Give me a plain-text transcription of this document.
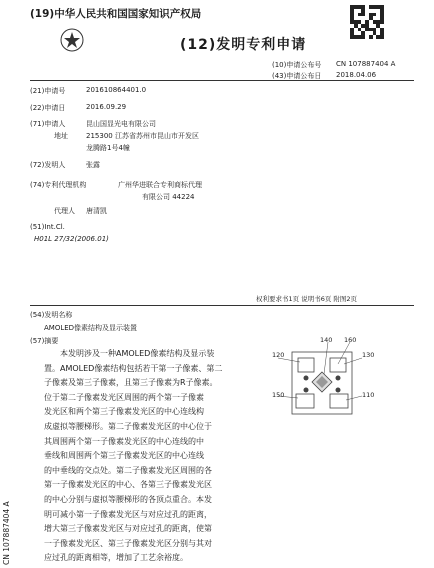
(19)中华人民共和国国家知识产权局
(12)发明专利申请
(10)申请公布号 CN 107887404 A
(43)申请公布日 2018.04.06
(21)申请号	201610864401.0
(22)申请日	2016.09.29
(71)申请人	昆山国显光电有限公司
地址	215300 江苏省苏州市昆山市开发区
龙腾路1号4幢
(72)发明人	张露
(74)专利代理机构	广州华进联合专利商标代理
有限公司 44224
代理人 唐清凯
(51)Int.Cl.
H01L 27/32(2006.01)
权利要求书1页 说明书6页 附图2页
(54)发明名称
AMOLED像素结构及显示装置
(57)摘要

本发明涉及一种AMOLED像素结构及显示装

置。AMOLED像素结构包括若干第一子像素、第二

子像素及第三子像素，且第三子像素为R子像素。

位于第二子像素发光区周围的两个第一子像素

发光区和两个第三子像素发光区的中心连线构

成虚拟等腰梯形。第二子像素发光区的中心位于

其周围两个第一子像素发光区的中心连线的中

垂线和周围两个第三子像素发光区的中心连线

的中垂线的交点处。第二子像素发光区周围的各

第一子像素发光区的中心、各第三子像素发光区

的中心分别与虚拟等腰梯形的各顶点重合。本发

明可减小第一子像素发光区与对应过孔的距离，

增大第三子像素发光区与对应过孔的距离，使第

一子像素发光区、第三子像素发光区分别与其对

应过孔的距离相等，增加了工艺余裕度。

120
140 160
130
150	110
CN 107887404 A
